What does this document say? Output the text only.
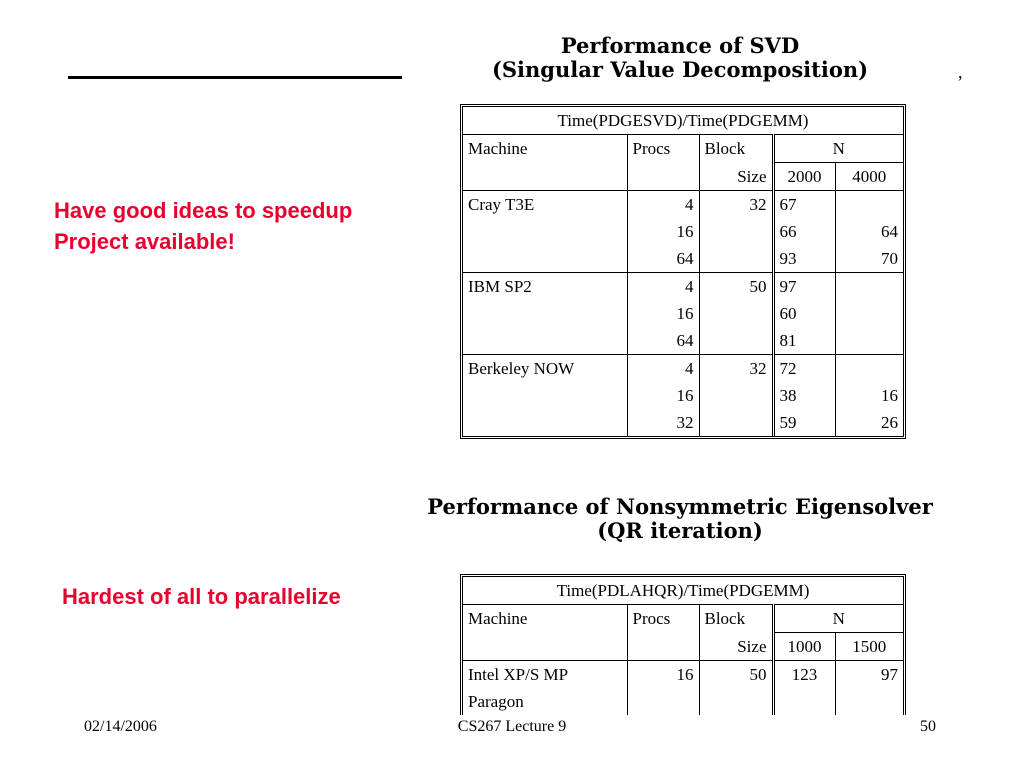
,
Performance of SVD
(Singular Value Decomposition)
Have good ideas to speedup
Project available!
Time(PDGESVD)/Time(PDGEMM)				
Machine	Procs	Block	N	
		Size	2000	4000
Cray T3E	4	32	67	
	16		66	64
	64		93	70
IBM SP2	4	50	97	
	16		60	
	64		81	
Berkeley NOW	4	32	72	
	16		38	16
	32		59	26
Performance of Nonsymmetric Eigensolver
(QR iteration)
Hardest of all to parallelize	Time(PDLAHQR)/Time(PDGEMM)				
Machine	Procs	Block	N	
		Size	1000	1500
Intel XP/S MP	16	50	123	97
Paragon				
02/14/2006	CS267 Lecture 9	50
